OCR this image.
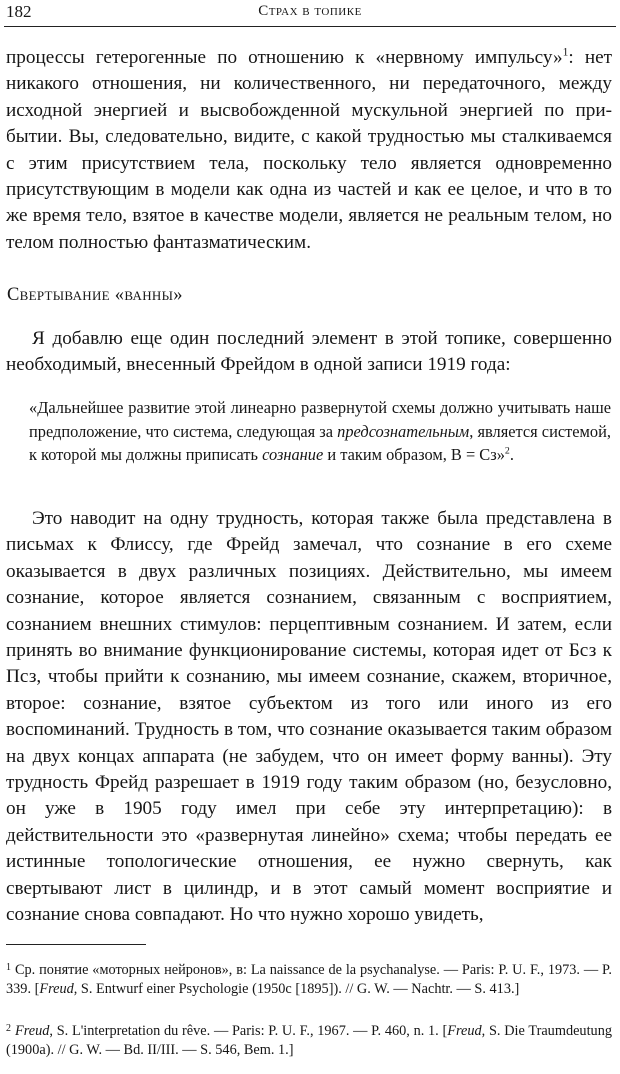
182	Страх в топике

процессы гетерогенные по отношению к «нервному импульсу»$^1$: нет никакого отношения, ни количественного, ни передаточного, между исходной энергией и высвобожденной мускульной энергией по прибытии. Вы, следовательно, видите, с какой трудностью мы сталкиваемся с этим присутствием тела, поскольку тело является одновременно присутствующим в модели как одна из частей и как ее целое, и что в то же время тело, взятое в качестве модели, является не реальным телом, но телом полностью фантазматическим.

Свертывание «ванны»

Я добавлю еще один последний элемент в этой топике, совершенно необходимый, внесенный Фрейдом в одной записи 1919 года:

«Дальнейшее развитие этой линеарно развернутой схемы должно учитывать наше предположение, что система, следующая за предсознательным, является системой, к которой мы должны приписать сознание и таким образом, В = Сз»$^2$.

Это наводит на одну трудность, которая также была представлена в письмах к Флиссу, где Фрейд замечал, что сознание в его схеме оказывается в двух различных позициях. Действительно, мы имеем сознание, которое является сознанием, связанным с восприятием, сознанием внешних стимулов: перцептивным сознанием. И затем, если принять во внимание функционирование системы, которая идет от Бсз к Псз, чтобы прийти к сознанию, мы имеем сознание, скажем, вторичное, второе: сознание, взятое субъектом из того или иного из его воспоминаний. Трудность в том, что сознание оказывается таким образом на двух концах аппарата (не забудем, что он имеет форму ванны). Эту трудность Фрейд разрешает в 1919 году таким образом (но, безусловно, он уже в 1905 году имел при себе эту интерпретацию): в действительности это «развернутая линейно» схема; чтобы передать ее истинные топологические отношения, ее нужно свернуть, как свертывают лист в цилиндр, и в этот самый момент восприятие и сознание снова совпадают. Но что нужно хорошо увидеть,

$^1$ Ср. понятие «моторных нейронов», в: La naissance de la psychanalyse. — Paris: P. U. F., 1973. — P. 339. [Freud, S. Entwurf einer Psychologie (1950c [1895]). // G. W. — Nachtr. — S. 413.]

$^2$ Freud, S. L'interpretation du rêve. — Paris: P. U. F., 1967. — P. 460, n. 1. [Freud, S. Die Traumdeutung (1900a). // G. W. — Bd. II/III. — S. 546, Bem. 1.]
